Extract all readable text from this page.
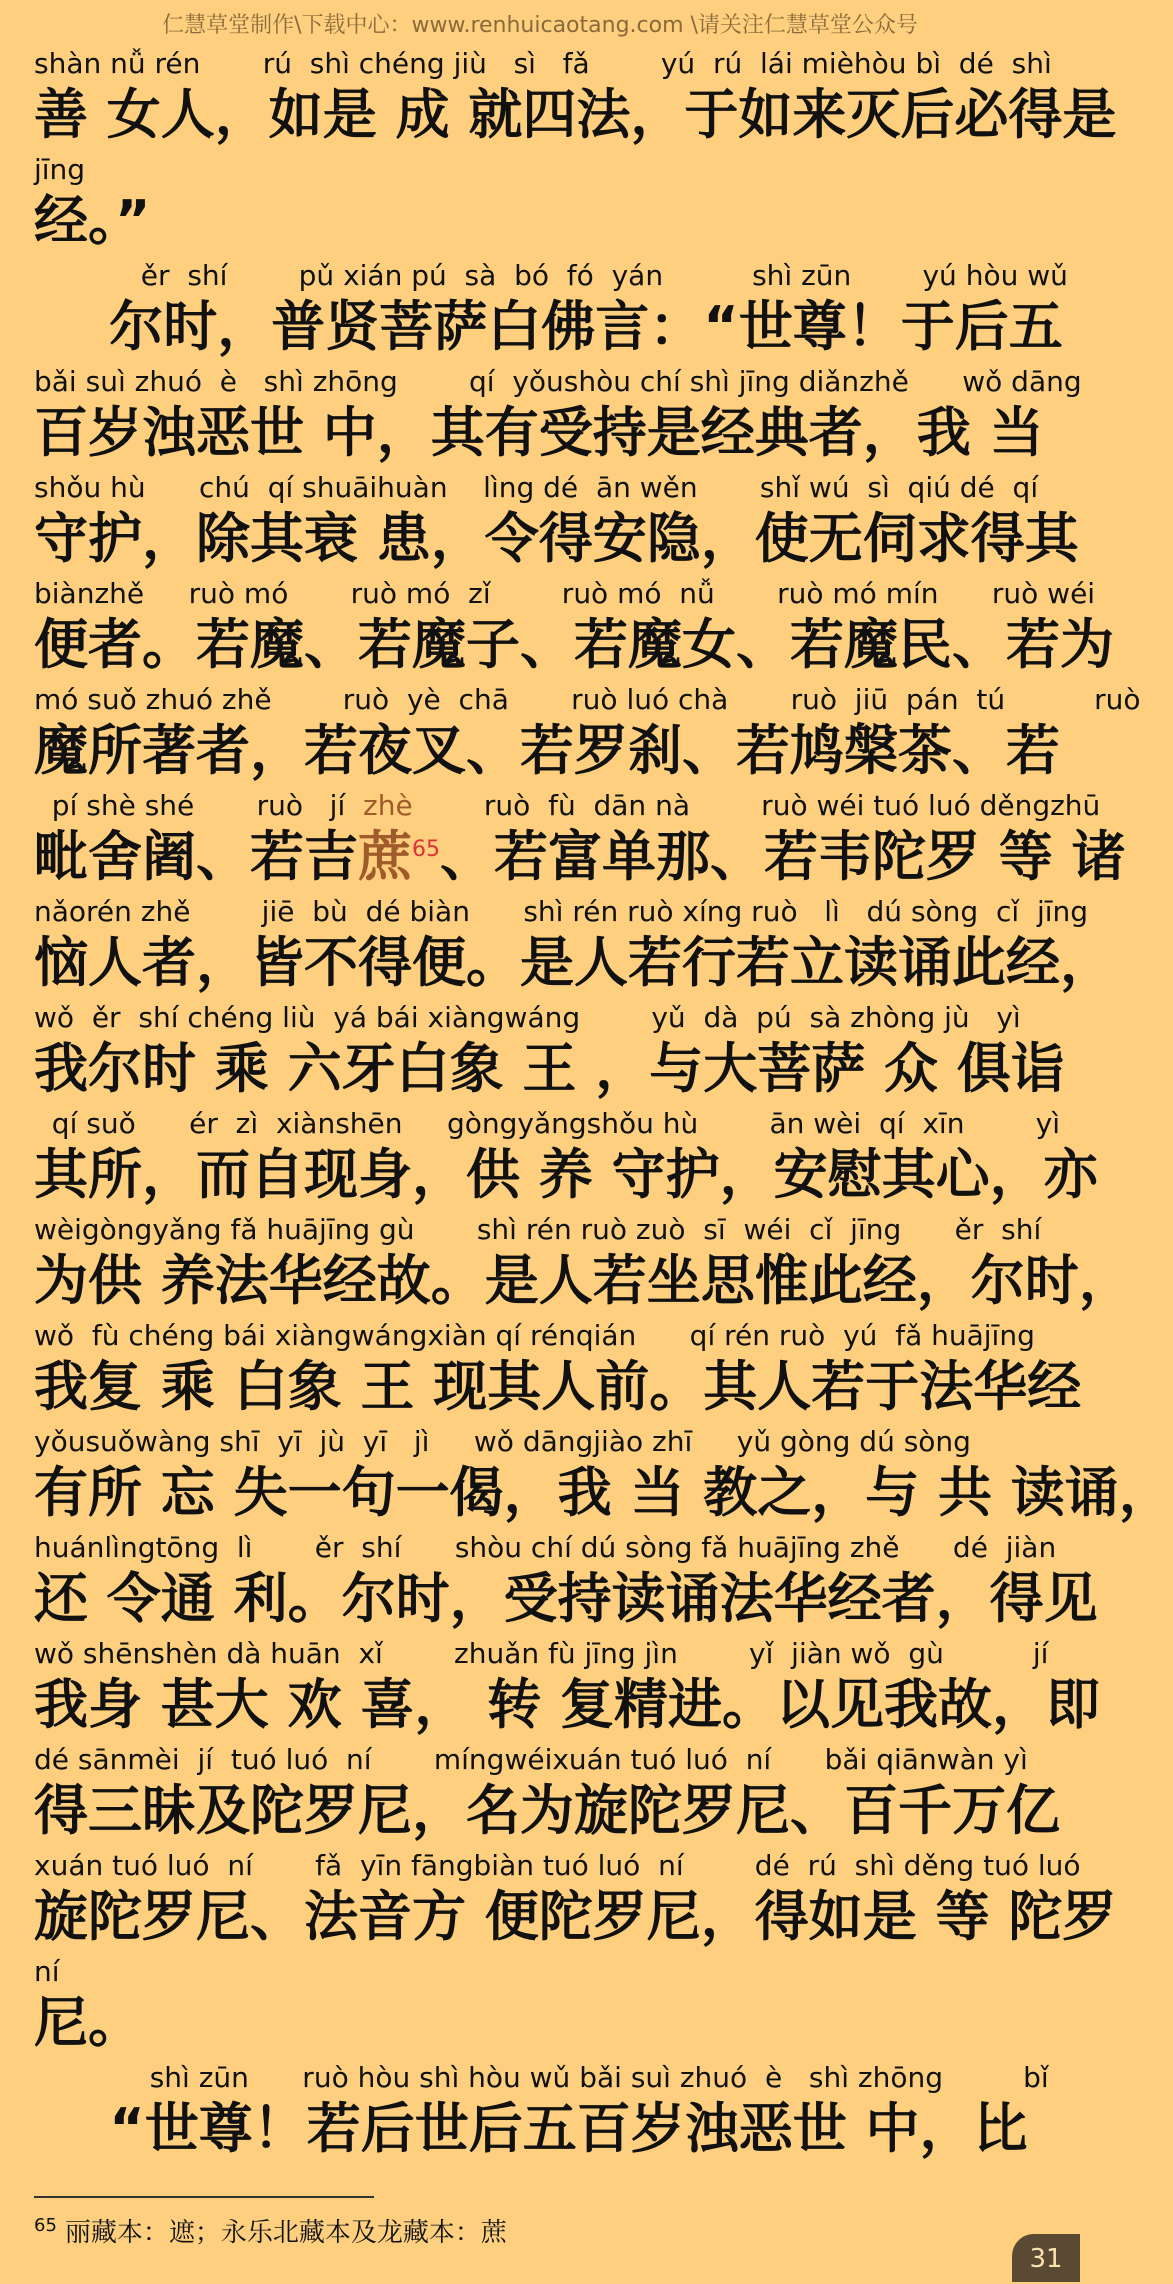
仁慧草堂制作\下载中心：www.renhuicaotang.com \请关注仁慧草堂公众号
shàn nǚ rén       rú  shì chéng jiù   sì   fǎ        yú  rú  lái mièhòu bì  dé  shì
善 女人，如是 成 就四法，于如来灭后必得是
jīng
经。”
ěr  shí        pǔ xián pú  sà  bó  fó  yán          shì zūn        yú hòu wǔ
尔时，普贤菩萨白佛言：“世尊！于后五
bǎi suì zhuó  è   shì zhōng        qí  yǒushòu chí shì jīng diǎnzhě      wǒ dāng
百岁浊恶世 中，其有受持是经典者，我 当
shǒu hù      chú  qí shuāihuàn    lìng dé  ān wěn       shǐ wú  sì  qiú dé  qí
守护，除其衰 患，令得安隐，使无伺求得其
biànzhě     ruò mó       ruò mó  zǐ        ruò mó  nǚ       ruò mó mín      ruò wéi
便者。若魔、若魔子、若魔女、若魔民、若为
mó suǒ zhuó zhě        ruò  yè  chā       ruò luó chà       ruò  jiū  pán  tú          ruò
魔所著者，若夜叉、若罗刹、若鸠槃茶、若
pí shè shé       ruò   jí  zhè        ruò  fù  dān nà        ruò wéi tuó luó děngzhū
毗舍阇、若吉蔗$^{65}$、若富单那、若韦陀罗 等 诸
nǎorén zhě        jiē  bù  dé biàn      shì rén ruò xíng ruò   lì   dú sòng  cǐ  jīng
恼人者，皆不得便。是人若行若立读诵此经，
wǒ  ěr  shí chéng liù  yá bái xiàngwáng        yǔ  dà  pú  sà zhòng jù   yì
我尔时 乘 六牙白象 王 ，与大菩萨 众 俱诣
qí suǒ      ér  zì  xiànshēn     gòngyǎngshǒu hù        ān wèi  qí  xīn        yì
其所，而自现身，供 养 守护，安慰其心，亦
wèigòngyǎng fǎ huājīng gù       shì rén ruò zuò  sī  wéi  cǐ  jīng      ěr  shí
为供 养法华经故。是人若坐思惟此经，尔时，
wǒ  fù chéng bái xiàngwángxiàn qí rénqián      qí rén ruò  yú  fǎ huājīng
我复 乘 白象 王 现其人前。其人若于法华经
yǒusuǒwàng shī  yī  jù  yī   jì     wǒ dāngjiào zhī     yǔ gòng dú sòng
有所 忘 失一句一偈，我 当 教之，与 共 读诵，
huánlìngtōng  lì       ěr  shí      shòu chí dú sòng fǎ huājīng zhě      dé  jiàn
还 令通 利。尔时，受持读诵法华经者，得见
wǒ shēnshèn dà huān  xǐ        zhuǎn fù jīng jìn        yǐ  jiàn wǒ  gù          jí
我身 甚大 欢 喜， 转 复精进。以见我故，即
dé sānmèi  jí  tuó luó  ní       míngwéixuán tuó luó  ní      bǎi qiānwàn yì
得三昧及陀罗尼，名为旋陀罗尼、百千万亿
xuán tuó luó  ní       fǎ  yīn fāngbiàn tuó luó  ní        dé  rú  shì děng tuó luó
旋陀罗尼、法音方 便陀罗尼，得如是 等 陀罗
ní
尼。
shì zūn      ruò hòu shì hòu wǔ bǎi suì zhuó  è   shì zhōng         bǐ
“世尊！若后世后五百岁浊恶世 中，比
$^{65}$ 丽藏本：遮；永乐北藏本及龙藏本：蔗
31
